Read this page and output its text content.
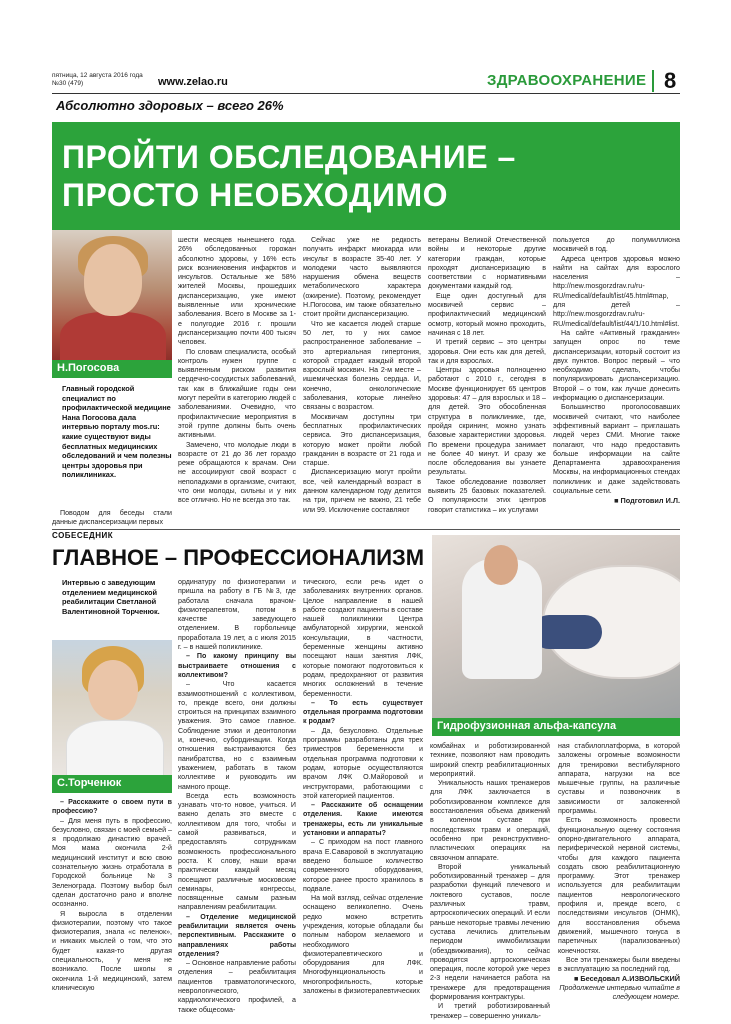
пятница, 12 августа 2016 года
№30 (479)	www.zelao.ru	ЗДРАВООХРАНЕНИЕ 8
Абсолютно здоровых – всего 26%
ПРОЙТИ ОБСЛЕДОВАНИЕ –
ПРОСТО НЕОБХОДИМО
Н.Погосова
Главный городской специалист по профилактической медицине Нана Погосова дала интервью порталу mos.ru: какие существуют виды бесплатных медицинских обследований и чем полезны центры здоровья при поликлиниках.

Поводом для беседы стали данные диспансеризации первых

шести месяцев нынешнего года. 26% обследованных горожан абсолютно здоровы, у 16% есть риск возникновения инфарктов и инсультов. Остальные же 58% жителей Москвы, прошедших диспансеризацию, уже имеют выявленные или хронические заболевания. Всего в Москве за 1-е полугодие 2016 г. прошли диспансеризацию почти 400 тысяч человек.

По словам специалиста, особый контроль нужен группе с выявленным риском развития сердечно-сосудистых заболеваний, так как в ближайшие годы они могут перейти в категорию людей с заболеваниями. Очевидно, что профилактические мероприятия в этой группе должны быть очень активными.

Замечено, что молодые люди в возрасте от 21 до 36 лет гораздо реже обращаются к врачам. Они не ассоциируют свой возраст с неполадками в организме, считают, что они молоды, сильны и у них все отлично. Но не всегда это так.

Сейчас уже не редкость получить инфаркт миокарда или инсульт в возрасте 35-40 лет. У молодежи часто выявляются нарушения обмена веществ метаболического характера (ожирение). Поэтому, рекомендует Н.Погосова, им также обязательно стоит пройти диспансеризацию.

Что же касается людей старше 50 лет, то у них самое распространенное заболевание – это артериальная гипертония, которой страдает каждый второй взрослый москвич. На 2-м месте – ишемическая болезнь сердца. И, конечно, онкологические заболевания, которые линейно связаны с возрастом.

Москвичам доступны три бесплатных профилактических сервиса. Это диспансеризация, которую может пройти любой гражданин в возрасте от 21 года и старше.

Диспансеризацию могут пройти все, чей календарный возраст в данном календарном году делится на три, причем не важно, 21 тебе или 99. Исключение составляют

ветераны Великой Отечественной войны и некоторые другие категории граждан, которые проходят диспансеризацию в соответствии с нормативными документами каждый год.

Еще один доступный для москвичей сервис – профилактический медицинский осмотр, который можно проходить, начиная с 18 лет.

И третий сервис – это центры здоровья. Они есть как для детей, так и для взрослых.

Центры здоровья полноценно работают с 2010 г., сегодня в Москве функционирует 65 центров здоровья: 47 – для взрослых и 18 – для детей. Это обособленная структура в поликлинике, где, пройдя скрининг, можно узнать базовые характеристики здоровья. По времени процедура занимает не более 40 минут. И сразу же после обследования вы узнаете результаты.

Такое обследование позволяет выявить 25 базовых показателей. О популярности этих центров говорит статистика – их услугами

пользуется до полумиллиона москвичей в год.

Адреса центров здоровья можно найти на сайтах для взрослого населения – http://new.mosgorzdrav.ru/ru-RU/medical/default/list/45.html#map, для детей – http://new.mosgorzdrav.ru/ru-RU/medical/default/list/44/1/10.html#list.

На сайте «Активный гражданин» запущен опрос по теме диспансеризации, который состоит из двух пунктов. Вопрос первый – что необходимо сделать, чтобы популяризировать диспансеризацию. Второй – о том, как лучше донесить информацию о диспансеризации.

Большинство проголосовавших москвичей считают, что наиболее эффективный вариант – приглашать людей через СМИ. Многие также полагают, что надо предоставить больше информации на сайте Департамента здравоохранения Москвы, на информационных стендах поликлиник и даже задействовать социальные сети.

■ Подготовил И.Л.

СОБЕСЕДНИК
ГЛАВНОЕ – ПРОФЕССИОНАЛИЗМ
Интервью с заведующим отделением медицинской реабилитации Светланой Валентиновной Торченюк.
С.Торченюк

– Расскажите о своем пути в профессию?

– Для меня путь в профессию, безусловно, связан с моей семьей – я продолжаю династию врачей. Моя мама окончила 2-й медицинский институт и всю свою сознательную жизнь отработала в Городской больнице №3 Зеленограда. Поэтому выбор был сделан достаточно рано и вполне осознанно.

Я выросла в отделении физиотерапии, поэтому что такое физиотерапия, знала «с пеленок», и никаких мыслей о том, что это будет какая-то другая специальность, у меня не возникало. После школы я окончила 1-й медицинский, затем клиническую

ординатуру по физиотерапии и пришла на работу в ГБ №3, где работала сначала врачом-физиотерапевтом, потом в качестве заведующего отделением. В горбольнице проработала 19 лет, а с июля 2015 г. – в нашей поликлинике.

– По какому принципу вы выстраиваете отношения с коллективом?

– Что касается взаимоотношений с коллективом, то, прежде всего, они должны строиться на принципах взаимного уважения. Это самое главное. Соблюдение этики и деонтологии и, конечно, субординации. Когда отношения выстраиваются без панибратства, но с взаимным уважением, работать в таком коллективе и руководить им намного проще.

Всегда есть возможность узнавать что-то новое, учиться. И важно делать это вместе с коллективом для того, чтобы и самой развиваться, и предоставлять сотрудникам возможность профессионального роста. К слову, наши врачи практически каждый месяц посещают различные московские семинары, конгрессы, посвященные самым разным направлениям реабилитации.

– Отделение медицинской реабилитации является очень перспективным. Расскажите о направлениях работы отделения?

– Основное направление работы отделения – реабилитация пациентов травматологического, неврологического, кардиологического профилей, а также общесома-

тического, если речь идет о заболеваниях внутренних органов. Целое направление в нашей работе создают пациенты в составе нашей поликлиники Центра амбулаторной хирургии, женской консультации, в частности, беременные женщины активно посещают наши занятия ЛФК, которые помогают подготовиться к родам, предохраняют от развития многих осложнений в течение беременности.

– То есть существует отдельная программа подготовки к родам?

– Да, безусловно. Отдельные программы разработаны для трех триместров беременности и отдельная программа подготовки к родам, которые осуществляются врачом ЛФК О.Майоровой и инструкторами, работающими с этой категорией пациентов.

– Расскажите об оснащении отделения. Какие имеются тренажеры, есть ли уникальные установки и аппараты?

– С приходом на пост главного врача Е.Саваровой в эксплуатацию введено большое количество современного оборудования, которое ранее просто хранилось в подвале.

На мой взгляд, сейчас отделение оснащено великолепно. Очень редко можно встретить учреждения, которые обладали бы полным набором желаемого и необходимого физиотерапевтического и оборудования для ЛФК. Многофункциональность и многопрофильность, которые заложены в физиотерапевтических

Гидрофузионная альфа-капсула

комбайнах и роботизированной технике, позволяют нам проводить широкий спектр реабилитационных мероприятий.

Уникальность наших тренажеров для ЛФК заключается в роботизированном комплексе для восстановления объема движений в коленном суставе при последствиях травм и операций, особенно при реконструктивно-пластических операциях на связочном аппарате.

Второй уникальный роботизированный тренажер – для разработки функций плечевого и локтевого суставов, после различных травм, артроскопических операций. И если раньше некоторые травмы лечению сустава лечились длительным периодом иммобилизации (обездвиживания), то сейчас проводится артроскопическая операция, после которой уже через 2-3 недели начинается работа на тренажере для предотвращения формирования контрактуры.

И третий роботизированный тренажер – совершенно уникаль-

ная стабилоплатформа, в которой заложены огромные возможности для тренировки вестибулярного аппарата, нагрузки на все мышечные группы, на различные суставы и позвоночник в зависимости от заложенной программы.

Есть возможность провести функциональную оценку состояния опорно-двигательного аппарата, периферической нервной системы, чтобы для каждого пациента создать свою реабилитационную программу. Этот тренажер используется для реабилитации пациентов неврологического профиля и, прежде всего, с последствиями инсультов (ОНМК), для восстановления объема движений, мышечного тонуса в паретичных (парализованных) конечностях.

Все эти тренажеры были введены в эксплуатацию за последний год.

■ Беседовал А.ИЗВОЛЬСКИЙ

Продолжение интервью читайте в следующем номере.
